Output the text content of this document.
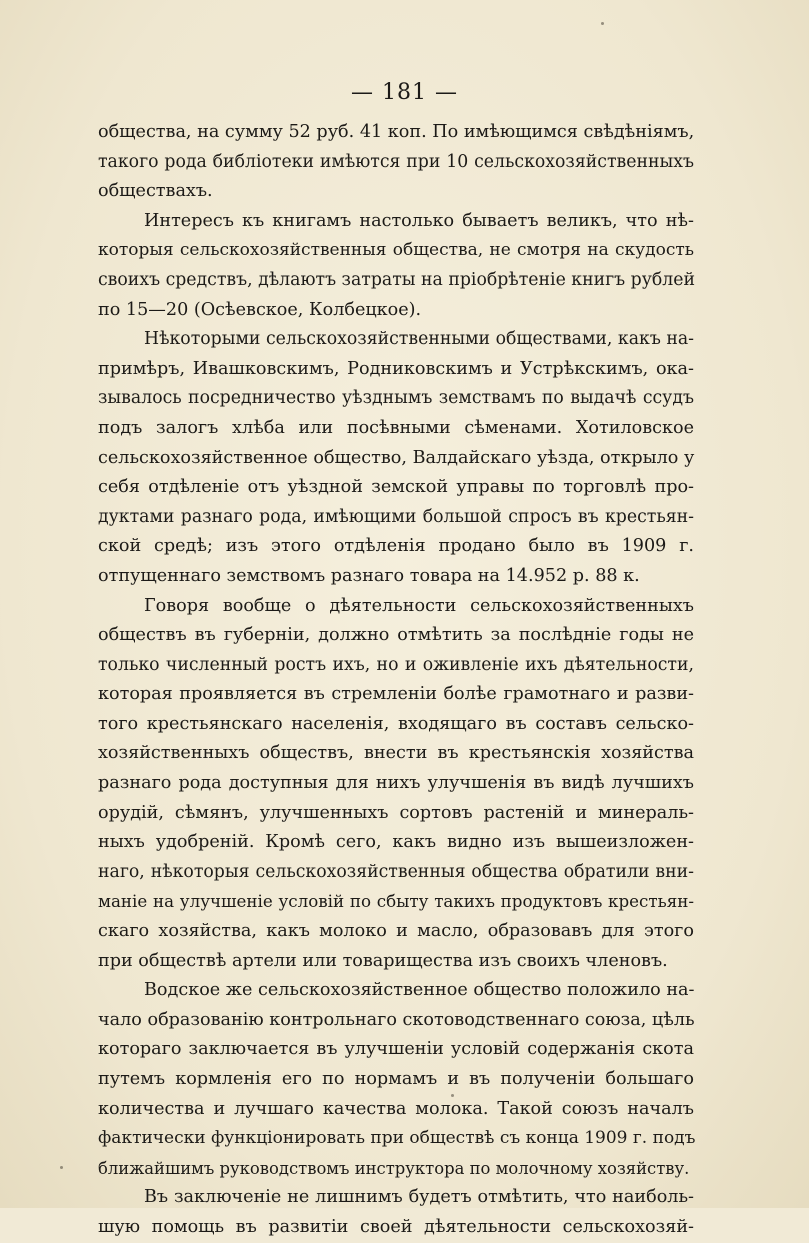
— 181 —
общества, на сумму 52 руб. 41 коп. По имѣющимся свѣдѣніямъ,
такого рода библіотеки имѣются при 10 сельскохозяйственныхъ
обществахъ.
Интересъ къ книгамъ настолько бываетъ великъ, что нѣ-
которыя сельскохозяйственныя общества, не смотря на скудость
своихъ средствъ, дѣлаютъ затраты на пріобрѣтеніе книгъ рублей
по 15—20 (Осѣевское, Колбецкое).
Нѣкоторыми сельскохозяйственными обществами, какъ на-
примѣръ, Ивашковскимъ, Родниковскимъ и Устрѣкскимъ, ока-
зывалось посредничество уѣзднымъ земствамъ по выдачѣ ссудъ
подъ залогъ хлѣба или посѣвными сѣменами. Хотиловское
сельскохозяйственное общество, Валдайскаго уѣзда, открыло у
себя отдѣленіе отъ уѣздной земской управы по торговлѣ про-
дуктами разнаго рода, имѣющими большой спросъ въ крестьян-
ской средѣ; изъ этого отдѣленія продано было въ 1909 г.
отпущеннаго земствомъ разнаго товара на 14.952 р. 88 к.
Говоря вообще о дѣятельности сельскохозяйственныхъ
обществъ въ губерніи, должно отмѣтить за послѣдніе годы не
только численный ростъ ихъ, но и оживленіе ихъ дѣятельности,
которая проявляется въ стремленіи болѣе грамотнаго и разви-
того крестьянскаго населенія, входящаго въ составъ сельско-
хозяйственныхъ обществъ, внести въ крестьянскія хозяйства
разнаго рода доступныя для нихъ улучшенія въ видѣ лучшихъ
орудій, сѣмянъ, улучшенныхъ сортовъ растеній и минераль-
ныхъ удобреній. Кромѣ сего, какъ видно изъ вышеизложен-
наго, нѣкоторыя сельскохозяйственныя общества обратили вни-
маніе на улучшеніе условій по сбыту такихъ продуктовъ крестьян-
скаго хозяйства, какъ молоко и масло, образовавъ для этого
при обществѣ артели или товарищества изъ своихъ членовъ.
Водское же сельскохозяйственное общество положило на-
чало образованію контрольнаго скотоводственнаго союза, цѣль
котораго заключается въ улучшеніи условій содержанія скота
путемъ кормленія его по нормамъ и въ полученіи большаго
количества и лучшаго качества молока. Такой союзъ началъ
фактически функціонировать при обществѣ съ конца 1909 г. подъ
ближайшимъ руководствомъ инструктора по молочному хозяйству.
Въ заключеніе не лишнимъ будетъ отмѣтить, что наиболь-
шую помощь въ развитіи своей дѣятельности сельскохозяй-
